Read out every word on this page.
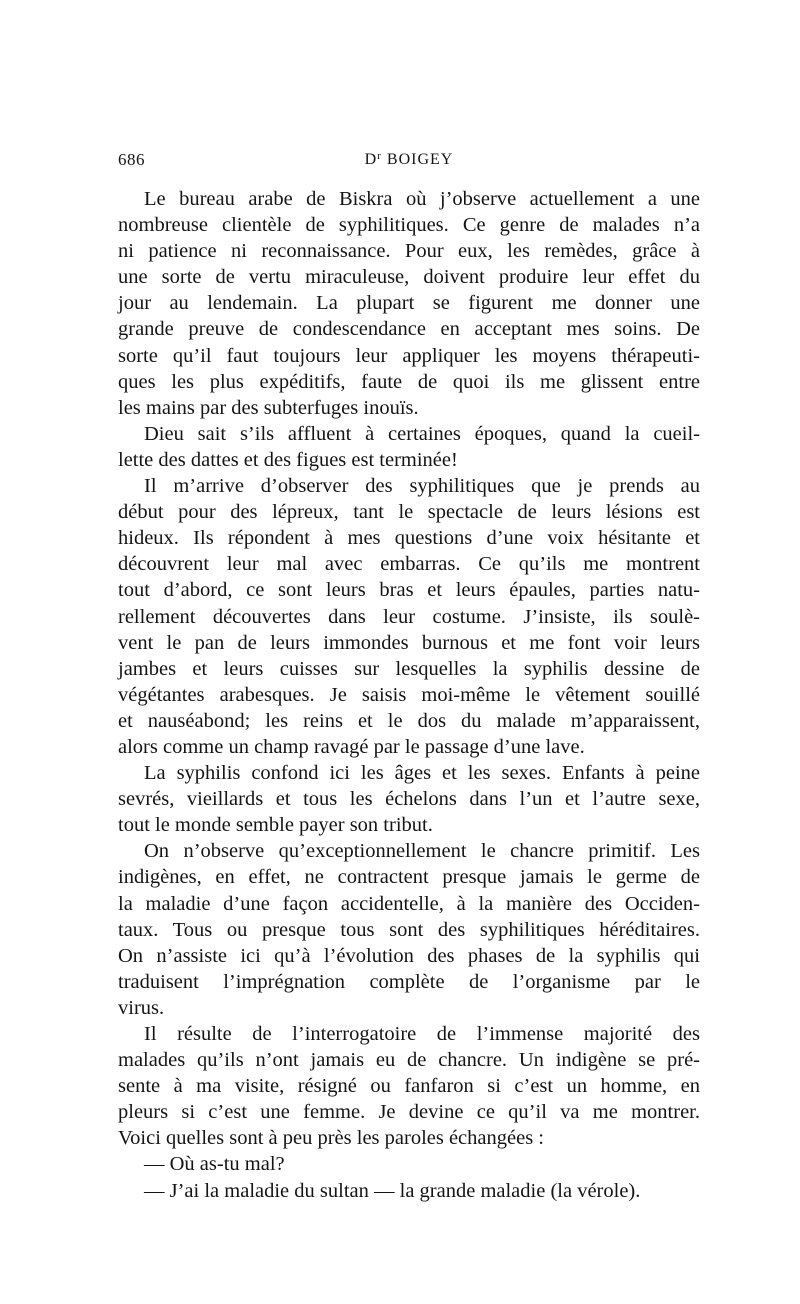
686	$D^r$ BOIGEY
Le bureau arabe de Biskra où j’observe actuellement a une
nombreuse clientèle de syphilitiques. Ce genre de malades n’a
ni patience ni reconnaissance. Pour eux, les remèdes, grâce à
une sorte de vertu miraculeuse, doivent produire leur effet du
jour au lendemain. La plupart se figurent me donner une
grande preuve de condescendance en acceptant mes soins. De
sorte qu’il faut toujours leur appliquer les moyens thérapeuti-
ques les plus expéditifs, faute de quoi ils me glissent entre
les mains par des subterfuges inouïs.
Dieu sait s’ils affluent à certaines époques, quand la cueil-
lette des dattes et des figues est terminée!
Il m’arrive d’observer des syphilitiques que je prends au
début pour des lépreux, tant le spectacle de leurs lésions est
hideux. Ils répondent à mes questions d’une voix hésitante et
découvrent leur mal avec embarras. Ce qu’ils me montrent
tout d’abord, ce sont leurs bras et leurs épaules, parties natu-
rellement découvertes dans leur costume. J’insiste, ils soulè-
vent le pan de leurs immondes burnous et me font voir leurs
jambes et leurs cuisses sur lesquelles la syphilis dessine de
végétantes arabesques. Je saisis moi-même le vêtement souillé
et nauséabond; les reins et le dos du malade m’apparaissent,
alors comme un champ ravagé par le passage d’une lave.
La syphilis confond ici les âges et les sexes. Enfants à peine
sevrés, vieillards et tous les échelons dans l’un et l’autre sexe,
tout le monde semble payer son tribut.
On n’observe qu’exceptionnellement le chancre primitif. Les
indigènes, en effet, ne contractent presque jamais le germe de
la maladie d’une façon accidentelle, à la manière des Occiden-
taux. Tous ou presque tous sont des syphilitiques héréditaires.
On n’assiste ici qu’à l’évolution des phases de la syphilis qui
traduisent l’imprégnation complète de l’organisme par le
virus.
Il résulte de l’interrogatoire de l’immense majorité des
malades qu’ils n’ont jamais eu de chancre. Un indigène se pré-
sente à ma visite, résigné ou fanfaron si c’est un homme, en
pleurs si c’est une femme. Je devine ce qu’il va me montrer.
Voici quelles sont à peu près les paroles échangées :
— Où as-tu mal?
— J’ai la maladie du sultan — la grande maladie (la vérole).
